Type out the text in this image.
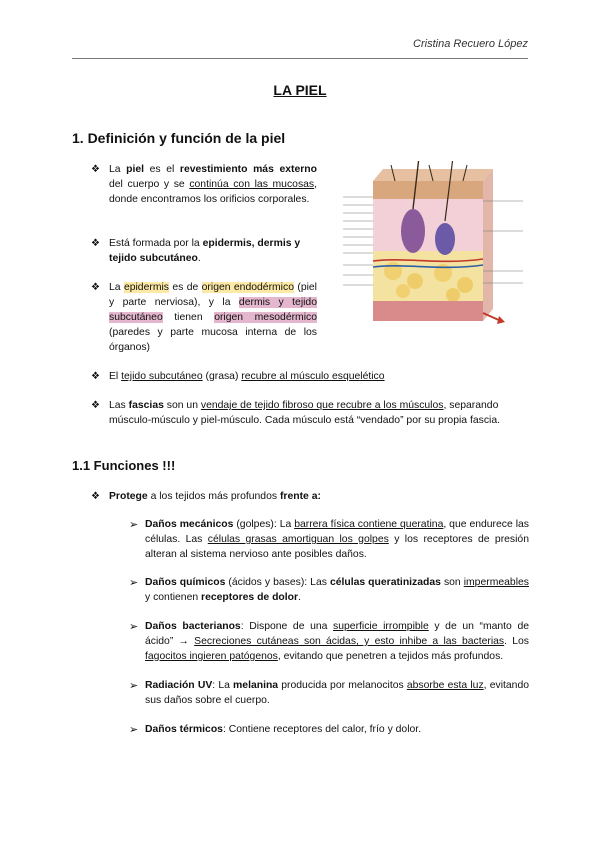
Cristina Recuero López
LA PIEL
1. Definición y función de la piel
❖ La piel es el revestimiento más externo del cuerpo y se continúa con las mucosas, donde encontramos los orificios corporales.
❖ Está formada por la epidermis, dermis y tejido subcutáneo.
❖ La epidermis es de origen endodérmico (piel y parte nerviosa), y la dermis y tejido subcutáneo tienen origen mesodérmico (paredes y parte mucosa interna de los órganos)
❖ El tejido subcutáneo (grasa) recubre al músculo esquelético
❖ Las fascias son un vendaje de tejido fibroso que recubre a los músculos, separando músculo-músculo y piel-músculo. Cada músculo está “vendado” por su propia fascia.
1.1 Funciones !!!
❖ Protege a los tejidos más profundos frente a:
➢ Daños mecánicos (golpes): La barrera física contiene queratina, que endurece las células. Las células grasas amortiguan los golpes y los receptores de presión alteran al sistema nervioso ante posibles daños.
➢ Daños químicos (ácidos y bases): Las células queratinizadas son impermeables y contienen receptores de dolor.
➢ Daños bacterianos: Dispone de una superficie irrompible y de un “manto de ácido” → Secreciones cutáneas son ácidas, y esto inhibe a las bacterias. Los fagocitos ingieren patógenos, evitando que penetren a tejidos más profundos.
➢ Radiación UV: La melanina producida por melanocitos absorbe esta luz, evitando sus daños sobre el cuerpo.
➢ Daños térmicos: Contiene receptores del calor, frío y dolor.
